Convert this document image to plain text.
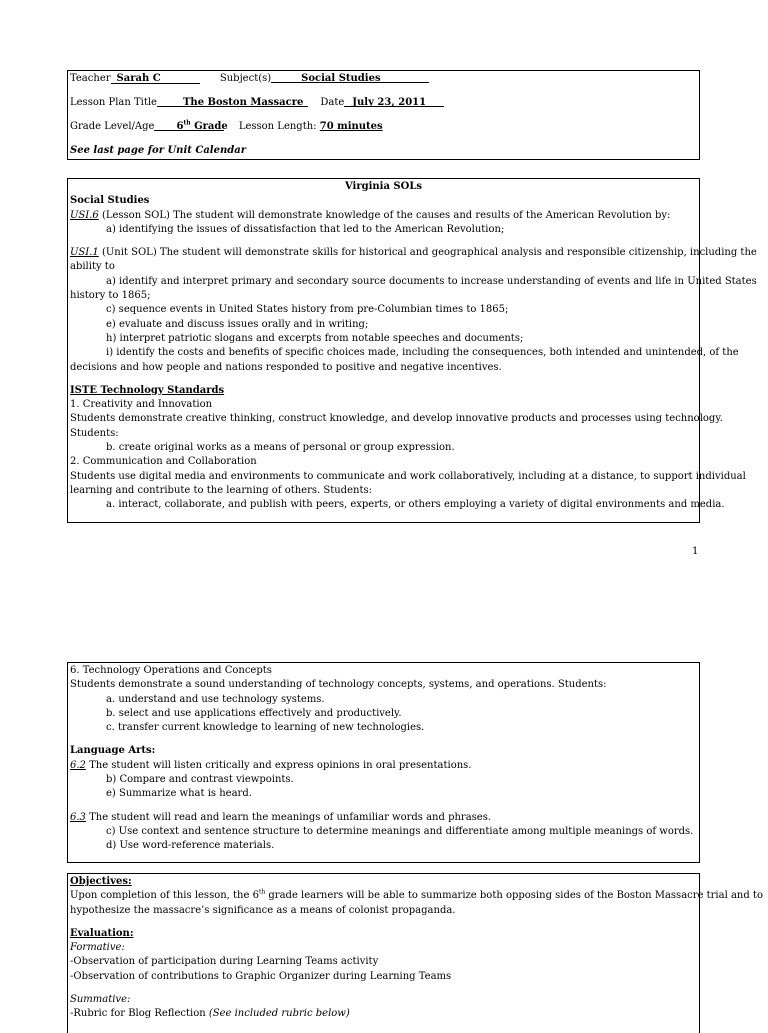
Teacher Sarah C	Subject(s)	Social Studies
Lesson Plan Title	The Boston Massacre Date July 23, 2011
Grade Level/Age 6th Grade Lesson Length: 70 minutes
See last page for Unit Calendar
Virginia SOLs
Social Studies
USI.6 (Lesson SOL) The student will demonstrate knowledge of the causes and results of the American Revolution by:
a) identifying the issues of dissatisfaction that led to the American Revolution;
USI.1 (Unit SOL) The student will demonstrate skills for historical and geographical analysis and responsible citizenship, including the
ability to
a) identify and interpret primary and secondary source documents to increase understanding of events and life in United States
history to 1865;
c) sequence events in United States history from pre-Columbian times to 1865;
e) evaluate and discuss issues orally and in writing;
h) interpret patriotic slogans and excerpts from notable speeches and documents;
i) identify the costs and benefits of specific choices made, including the consequences, both intended and unintended, of the
decisions and how people and nations responded to positive and negative incentives.
ISTE Technology Standards
1. Creativity and Innovation
Students demonstrate creative thinking, construct knowledge, and develop innovative products and processes using technology.
Students:
b. create original works as a means of personal or group expression.
2. Communication and Collaboration
Students use digital media and environments to communicate and work collaboratively, including at a distance, to support individual
learning and contribute to the learning of others. Students:
a. interact, collaborate, and publish with peers, experts, or others employing a variety of digital environments and media.
1
6. Technology Operations and Concepts
Students demonstrate a sound understanding of technology concepts, systems, and operations. Students:
a. understand and use technology systems.
b. select and use applications effectively and productively.
c. transfer current knowledge to learning of new technologies.
Language Arts:
6.2 The student will listen critically and express opinions in oral presentations.
b) Compare and contrast viewpoints.
e) Summarize what is heard.
6.3 The student will read and learn the meanings of unfamiliar words and phrases.
c) Use context and sentence structure to determine meanings and differentiate among multiple meanings of words.
d) Use word-reference materials.
Objectives:
Upon completion of this lesson, the 6th grade learners will be able to summarize both opposing sides of the Boston Massacre trial and to
hypothesize the massacre’s significance as a means of colonist propaganda.
Evaluation:
Formative:
-Observation of participation during Learning Teams activity
-Observation of contributions to Graphic Organizer during Learning Teams
Summative:
-Rubric for Blog Reflection (See included rubric below)
